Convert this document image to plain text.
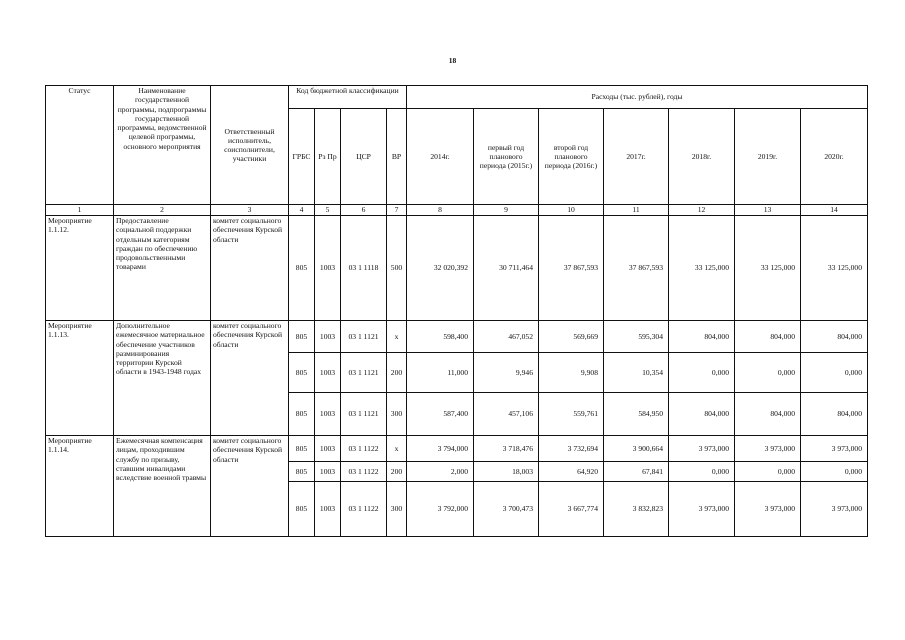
18
Статус	Наименование государственной программы, подпрограммы государственной программы, ведомственной целевой программы, основного мероприятия	Ответственный исполнитель, соисполнители, участники	Код бюджетной классификации				Расходы (тыс. рублей), годы						
			ГРБС	Рз Пр	ЦСР	ВР	2014г.	первый год планового периода (2015г.)	второй год планового периода (2016г.)	2017г.	2018г.	2019г.	2020г.
1	2	3	4	5	6	7	8	9	10	11	12	13	14
Мероприятие 1.1.12.	Предоставление социальной поддержки отдельным категориям граждан по обеспечению продовольственными товарами	комитет социального обеспечения Курской области	805	1003	03 1 1118	500	32 020,392	30 711,464	37 867,593	37 867,593	33 125,000	33 125,000	33 125,000
Мероприятие 1.1.13.	Дополнительное ежемесячное материальное обеспечение участников разминирования территории Курской области в 1943-1948 годах	комитет социального обеспечения Курской области	805	1003	03 1 1121	x	598,400	467,052	569,669	595,304	804,000	804,000	804,000
			805	1003	03 1 1121	200	11,000	9,946	9,908	10,354	0,000	0,000	0,000
			805	1003	03 1 1121	300	587,400	457,106	559,761	584,950	804,000	804,000	804,000
Мероприятие 1.1.14.	Ежемесячная компенсация лицам, проходившим службу по призыву, ставшим инвалидами вследствие военной травмы	комитет социального обеспечения Курской области	805	1003	03 1 1122	x	3 794,000	3 718,476	3 732,694	3 900,664	3 973,000	3 973,000	3 973,000
			805	1003	03 1 1122	200	2,000	18,003	64,920	67,841	0,000	0,000	0,000
			805	1003	03 1 1122	300	3 792,000	3 700,473	3 667,774	3 832,823	3 973,000	3 973,000	3 973,000
